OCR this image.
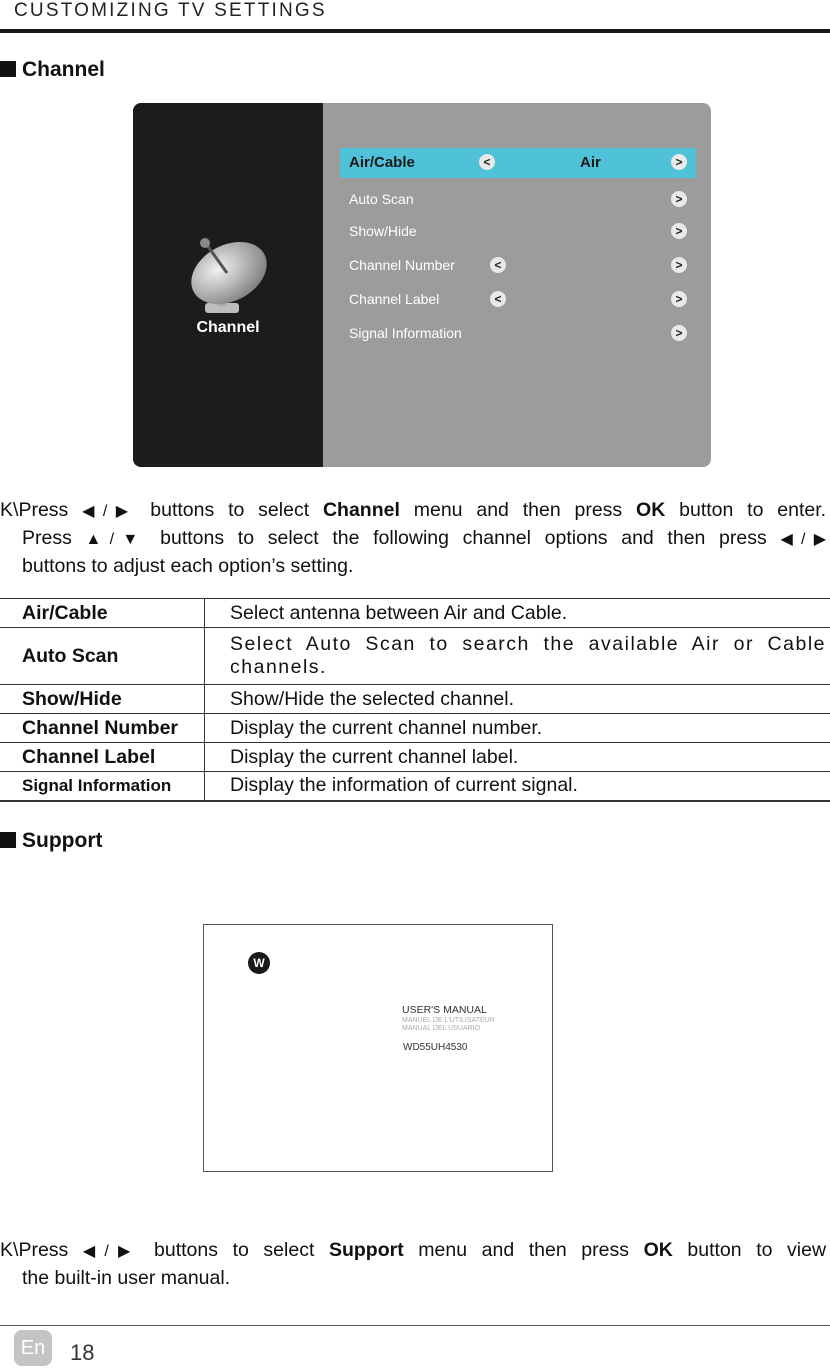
CUSTOMIZING TV SETTINGS
Channel
Channel
Air/Cable	<	Air	>
Auto Scan	>
Show/Hide	>
Channel Number	<	>
Channel Label	<	>
Signal Information	>
K\Press ◀/▶ buttons to select Channel menu and then press OK button to enter.
Press ▲/▼ buttons to select the following channel options and then press ◀/▶
buttons to adjust each option’s setting.
Air/Cable	Select antenna between Air and Cable.
Auto Scan	Select Auto Scan to search the available Air or Cable channels.
Show/Hide	Show/Hide the selected channel.
Channel Number	Display the current channel number.
Channel Label	Display the current channel label.
Signal Information	Display the information of current signal.
Support
W
USER'S MANUAL
MANUEL DE L'UTILISATEUR
MANUAL DEL USUARIO
WD55UH4530
K\Press ◀/▶ buttons to select Support menu and then press OK button to view
the built-in user manual.
En	18
